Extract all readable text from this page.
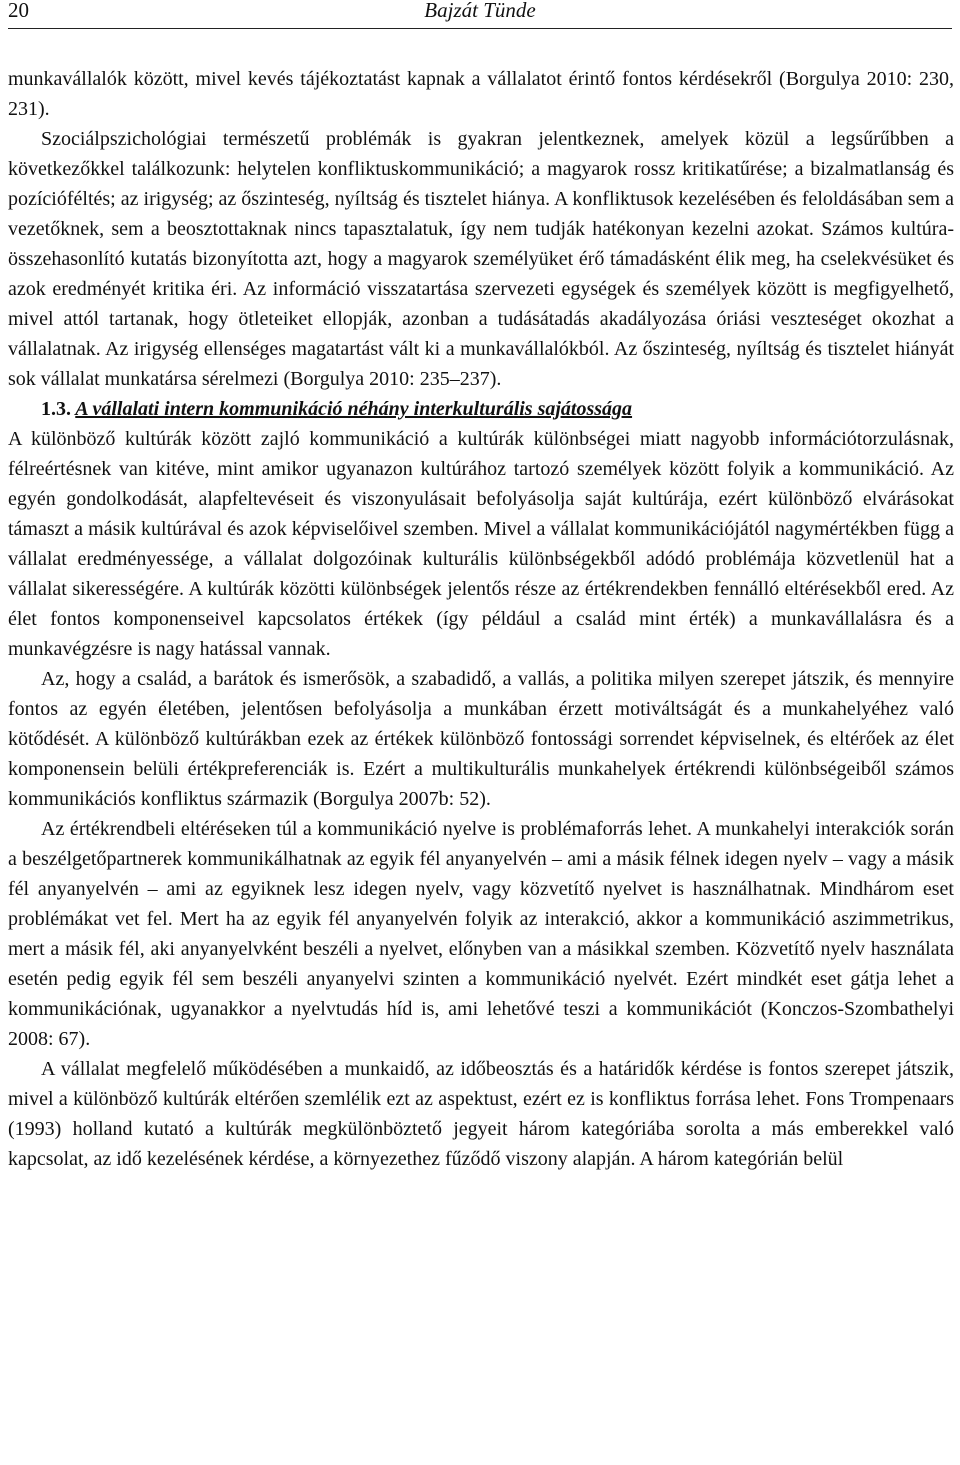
20	Bajzát Tünde

munkavállalók között, mivel kevés tájékoztatást kapnak a vállalatot érintő fontos kérdésekről (Borgulya 2010: 230, 231).

Szociálpszichológiai természetű problémák is gyakran jelentkeznek, amelyek közül a legsűrűbben a következőkkel találkozunk: helytelen konfliktuskommunikáció; a magyarok rossz kritikatűrése; a bizalmatlanság és pozícióféltés; az irigység; az őszinteség, nyíltság és tisztelet hiánya. A konfliktusok kezelésében és feloldásában sem a vezetőknek, sem a beosztottaknak nincs tapasztalatuk, így nem tudják hatékonyan kezelni azokat. Számos kultúra- összehasonlító kutatás bizonyította azt, hogy a magyarok személyüket érő támadásként élik meg, ha cselekvésüket és azok eredményét kritika éri. Az információ visszatartása szervezeti egységek és személyek között is megfigyelhető, mivel attól tartanak, hogy ötleteiket ellopják, azonban a tudásátadás akadályozása óriási veszteséget okozhat a vállalatnak. Az irigység ellenséges magatartást vált ki a munkavállalókból. Az őszinteség, nyíltság és tisztelet hiányát sok vállalat munkatársa sérelmezi (Borgulya 2010: 235‒237).

1.3. A vállalati intern kommunikáció néhány interkulturális sajátossága

A különböző kultúrák között zajló kommunikáció a kultúrák különbségei miatt nagyobb információtorzulásnak, félreértésnek van kitéve, mint amikor ugyanazon kultúrához tartozó személyek között folyik a kommunikáció. Az egyén gondolkodását, alapfeltevéseit és viszonyulásait befolyásolja saját kultúrája, ezért különböző elvárásokat támaszt a másik kultúrával és azok képviselőivel szemben. Mivel a vállalat kommunikációjától nagymértékben függ a vállalat eredményessége, a vállalat dolgozóinak kulturális különbségekből adódó problémája közvetlenül hat a vállalat sikerességére. A kultúrák közötti különbségek jelentős része az értékrendekben fennálló eltérésekből ered. Az élet fontos komponenseivel kapcsolatos értékek (így például a család mint érték) a munkavállalásra és a munkavégzésre is nagy hatással vannak.

Az, hogy a család, a barátok és ismerősök, a szabadidő, a vallás, a politika milyen szerepet játszik, és mennyire fontos az egyén életében, jelentősen befolyásolja a munkában érzett motiváltságát és a munkahelyéhez való kötődését. A különböző kultúrákban ezek az értékek különböző fontossági sorrendet képviselnek, és eltérőek az élet komponensein belüli értékpreferenciák is. Ezért a multikulturális munkahelyek értékrendi különbségeiből számos kommunikációs konfliktus származik (Borgulya 2007b: 52).

Az értékrendbeli eltéréseken túl a kommunikáció nyelve is problémaforrás lehet. A munkahelyi interakciók során a beszélgetőpartnerek kommunikálhatnak az egyik fél anyanyelvén – ami a másik félnek idegen nyelv – vagy a másik fél anyanyelvén – ami az egyiknek lesz idegen nyelv, vagy közvetítő nyelvet is használhatnak. Mindhárom eset problémákat vet fel. Mert ha az egyik fél anyanyelvén folyik az interakció, akkor a kommunikáció aszimmetrikus, mert a másik fél, aki anyanyelvként beszéli a nyelvet, előnyben van a másikkal szemben. Közvetítő nyelv használata esetén pedig egyik fél sem beszéli anyanyelvi szinten a kommunikáció nyelvét. Ezért mindkét eset gátja lehet a kommunikációnak, ugyanakkor a nyelvtudás híd is, ami lehetővé teszi a kommunikációt (Konczos-Szombathelyi 2008: 67).

A vállalat megfelelő működésében a munkaidő, az időbeosztás és a határidők kérdése is fontos szerepet játszik, mivel a különböző kultúrák eltérően szemlélik ezt az aspektust, ezért ez is konfliktus forrása lehet. Fons Trompenaars (1993) holland kutató a kultúrák megkülönböztető jegyeit három kategóriába sorolta a más emberekkel való kapcsolat, az idő kezelésének kérdése, a környezethez fűződő viszony alapján. A három kategórián belül
